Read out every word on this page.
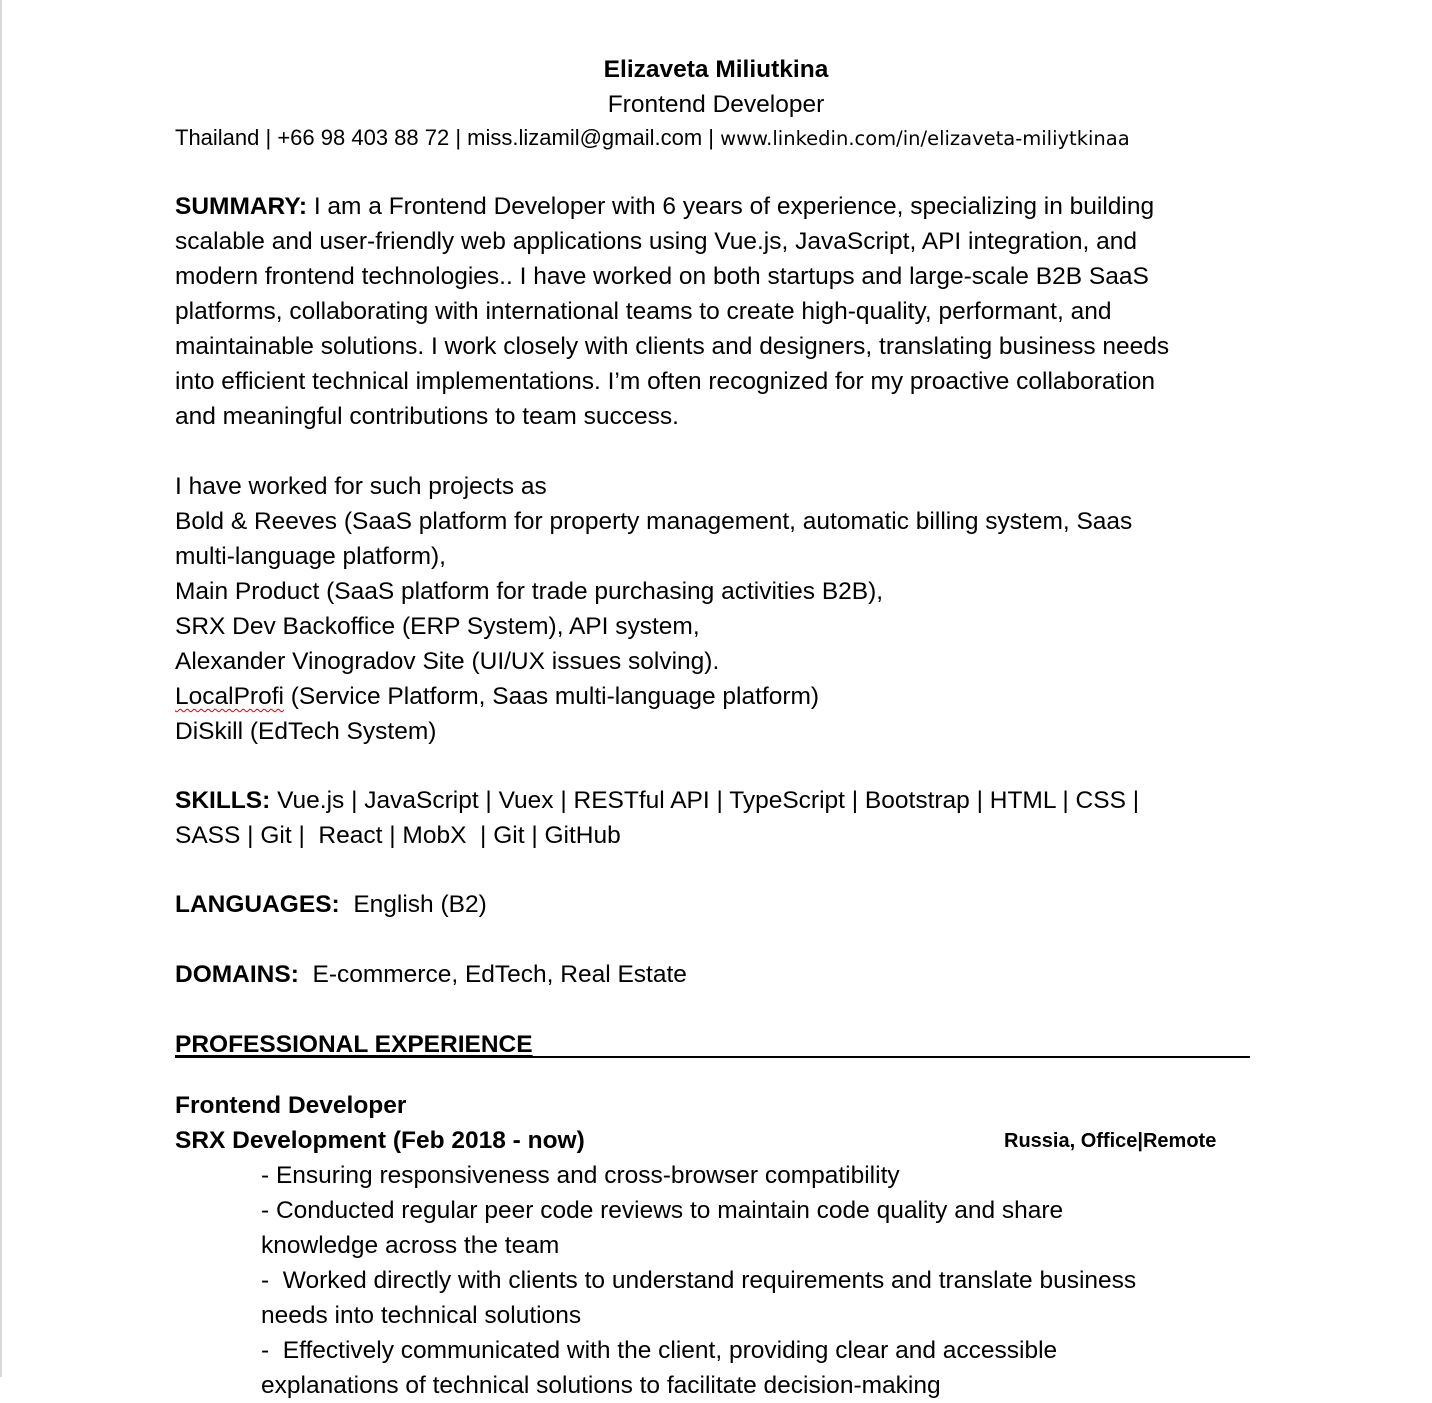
Elizaveta Miliutkina
Frontend Developer
Thailand | +66 98 403 88 72 | miss.lizamil@gmail.com | www.linkedin.com/in/elizaveta-miliytkinaa
SUMMARY: I am a Frontend Developer with 6 years of experience, specializing in building
scalable and user-friendly web applications using Vue.js, JavaScript, API integration, and
modern frontend technologies.. I have worked on both startups and large-scale B2B SaaS
platforms, collaborating with international teams to create high-quality, performant, and
maintainable solutions. I work closely with clients and designers, translating business needs
into efficient technical implementations. I’m often recognized for my proactive collaboration
and meaningful contributions to team success.
I have worked for such projects as
Bold & Reeves (SaaS platform for property management, automatic billing system, Saas
multi-language platform),
Main Product (SaaS platform for trade purchasing activities B2B),
SRX Dev Backoffice (ERP System), API system,
Alexander Vinogradov Site (UI/UX issues solving).
LocalProfi (Service Platform, Saas multi-language platform)
DiSkill (EdTech System)
SKILLS: Vue.js | JavaScript | Vuex | RESTful API | TypeScript | Bootstrap | HTML | CSS |
SASS | Git |  React | MobX  | Git | GitHub
LANGUAGES:  English (B2)
DOMAINS:  E-commerce, EdTech, Real Estate
PROFESSIONAL EXPERIENCE
Frontend Developer
SRX Development (Feb 2018 - now)	Russia, Office|Remote
- Ensuring responsiveness and cross-browser compatibility
- Conducted regular peer code reviews to maintain code quality and share
knowledge across the team
-  Worked directly with clients to understand requirements and translate business
needs into technical solutions
-  Effectively communicated with the client, providing clear and accessible
explanations of technical solutions to facilitate decision-making
